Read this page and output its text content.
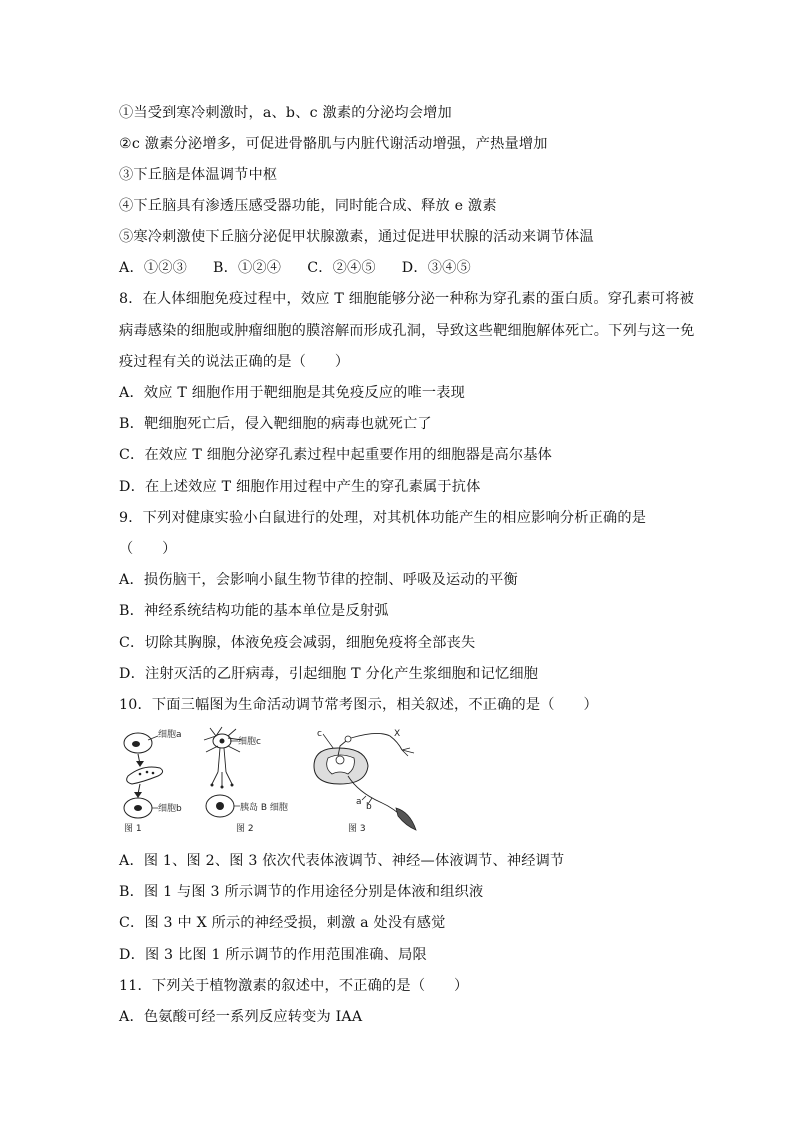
①当受到寒冷刺激时，a、b、c 激素的分泌均会增加
②c 激素分泌增多，可促进骨骼肌与内脏代谢活动增强，产热量增加
③下丘脑是体温调节中枢
④下丘脑具有渗透压感受器功能，同时能合成、释放 e 激素
⑤寒冷刺激使下丘脑分泌促甲状腺激素，通过促进甲状腺的活动来调节体温
A．①②③ B．①②④ C．②④⑤ D．③④⑤
8．在人体细胞免疫过程中，效应 T 细胞能够分泌一种称为穿孔素的蛋白质。穿孔素可将被
病毒感染的细胞或肿瘤细胞的膜溶解而形成孔洞，导致这些靶细胞解体死亡。下列与这一免
疫过程有关的说法正确的是（　　）
A．效应 T 细胞作用于靶细胞是其免疫反应的唯一表现
B．靶细胞死亡后，侵入靶细胞的病毒也就死亡了
C．在效应 T 细胞分泌穿孔素过程中起重要作用的细胞器是高尔基体
D．在上述效应 T 细胞作用过程中产生的穿孔素属于抗体
9．下列对健康实验小白鼠进行的处理，对其机体功能产生的相应影响分析正确的是
（　　）
A．损伤脑干，会影响小鼠生物节律的控制、呼吸及运动的平衡
B．神经系统结构功能的基本单位是反射弧
C．切除其胸腺，体液免疫会减弱，细胞免疫将全部丧失
D．注射灭活的乙肝病毒，引起细胞 T 分化产生浆细胞和记忆细胞
10．下面三幅图为生命活动调节常考图示，相关叙述，不正确的是（　　）
细胞a
细胞b
图 1
细胞c
胰岛 B 细胞
图 2
c	X
a b
图 3
A．图 1、图 2、图 3 依次代表体液调节、神经—体液调节、神经调节
B．图 1 与图 3 所示调节的作用途径分别是体液和组织液
C．图 3 中 X 所示的神经受损，刺激 a 处没有感觉
D．图 3 比图 1 所示调节的作用范围准确、局限
11．下列关于植物激素的叙述中，不正确的是（　　）
A．色氨酸可经一系列反应转变为 IAA
